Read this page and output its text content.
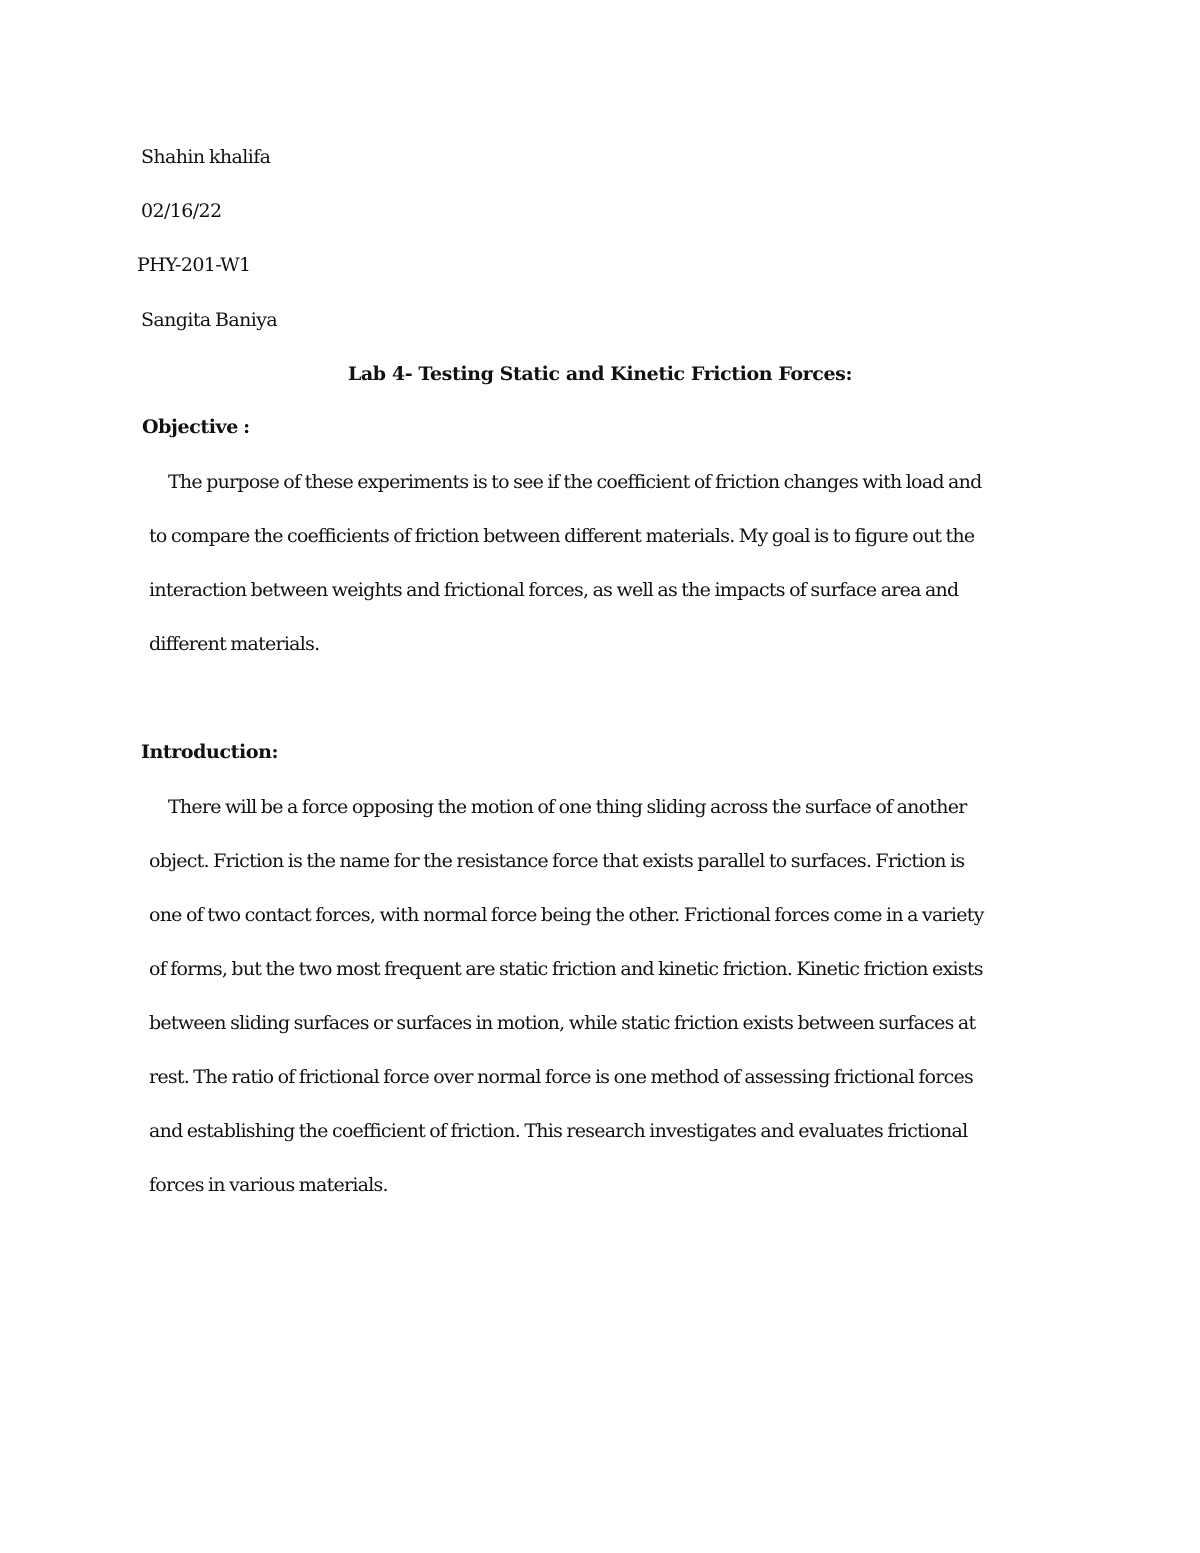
Shahin khalifa
02/16/22
PHY-201-W1
Sangita Baniya
Lab 4- Testing Static and Kinetic Friction Forces:
Objective :
The purpose of these experiments is to see if the coefficient of friction changes with load and
to compare the coefficients of friction between different materials. My goal is to figure out the
interaction between weights and frictional forces, as well as the impacts of surface area and
different materials.
Introduction:
There will be a force opposing the motion of one thing sliding across the surface of another
object. Friction is the name for the resistance force that exists parallel to surfaces. Friction is
one of two contact forces, with normal force being the other. Frictional forces come in a variety
of forms, but the two most frequent are static friction and kinetic friction. Kinetic friction exists
between sliding surfaces or surfaces in motion, while static friction exists between surfaces at
rest. The ratio of frictional force over normal force is one method of assessing frictional forces
and establishing the coefficient of friction. This research investigates and evaluates frictional
forces in various materials.
